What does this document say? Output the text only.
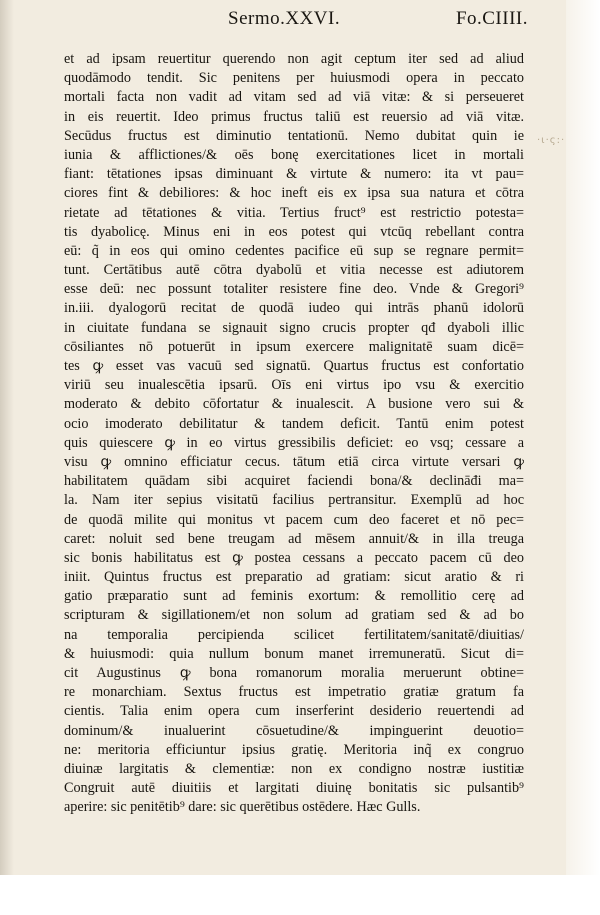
Sermo.XXVI.	Fo.CIIII.
·ι·ς:·
et ad ipsam reuertitur querendo non agit ceptum iter sed ad aliud
quodāmodo tendit. Sic penitens per huiusmodi opera in peccato
mortali facta non vadit ad vitam sed ad viā vitæ: & si perseueret
in eis reuertit. Ideo primus fructus taliū est reuersio ad viā vitæ.
Secūdus fructus est diminutio tentationū. Nemo dubitat quin ie
iunia & afflictiones/& oēs bonę exercitationes licet in mortali
fiant: tētationes ipsas diminuant & virtute & numero: ita vt pau=
ciores fint & debiliores: & hoc ineft eis ex ipsa sua natura et cōtra
rietate ad tētationes & vitia. Tertius fruct⁹ est restrictio potesta=
tis dyabolicę. Minus eni in eos potest qui vtcūq rebellant contra
eū: q̃ in eos qui omino cedentes pacifice eū sup se regnare permit=
tunt. Certātibus autē cōtra dyabolū et vitia necesse est adiutorem
esse deū: nec possunt totaliter resistere fine deo. Vnde & Gregori⁹
in.iii. dyalogorū recitat de quodā iudeo qui intrās phanū idolorū
in ciuitate fundana se signauit signo crucis propter qđ dyaboli illic
cōsiliantes nō potuerūt in ipsum exercere malignitatē suam dicē=
tes ꝙ esset vas vacuū sed signatū. Quartus fructus est confortatio
viriū seu inualescētia ipsarū. Oīs eni virtus ipo vsu & exercitio
moderato & debito cōfortatur & inualescit. A busione vero sui &
ocio imoderato debilitatur & tandem deficit. Tantū enim potest
quis quiescere ꝙ in eo virtus gressibilis deficiet: eo vsq; cessare a
visu ꝙ omnino efficiatur cecus. tātum etiā circa virtute versari ꝙ
habilitatem quādam sibi acquiret faciendi bona/& declināđi ma=
la. Nam iter sepius visitatū facilius pertransitur. Exemplū ad hoc
de quodā milite qui monitus vt pacem cum deo faceret et nō pec=
caret: noluit sed bene treugam ad mēsem annuit/& in illa treuga
sic bonis habilitatus est ꝙ postea cessans a peccato pacem cū deo
iniit. Quintus fructus est preparatio ad gratiam: sicut aratio & ri
gatio præparatio sunt ad feminis exortum: & remollitio cerę ad
scripturam & sigillationem/et non solum ad gratiam sed & ad bo
na temporalia percipienda scilicet fertilitatem/sanitatē/diuitias/
& huiusmodi: quia nullum bonum manet irremuneratū. Sicut di=
cit Augustinus ꝙ bona romanorum moralia meruerunt obtine=
re monarchiam. Sextus fructus est impetratio gratiæ gratum fa
cientis. Talia enim opera cum inserferint desiderio reuertendi ad
dominum/& inualuerint cōsuetudine/& impinguerint deuotio=
ne: meritoria efficiuntur ipsius gratię. Meritoria inq̃ ex congruo
diuinæ largitatis & clementiæ: non ex condigno nostræ iustitiæ
Congruit autē diuitiis et largitati diuinę bonitatis sic pulsantib⁹
aperire: sic penitētib⁹ dare: sic querētibus ostēdere. Hæc Gulls.
